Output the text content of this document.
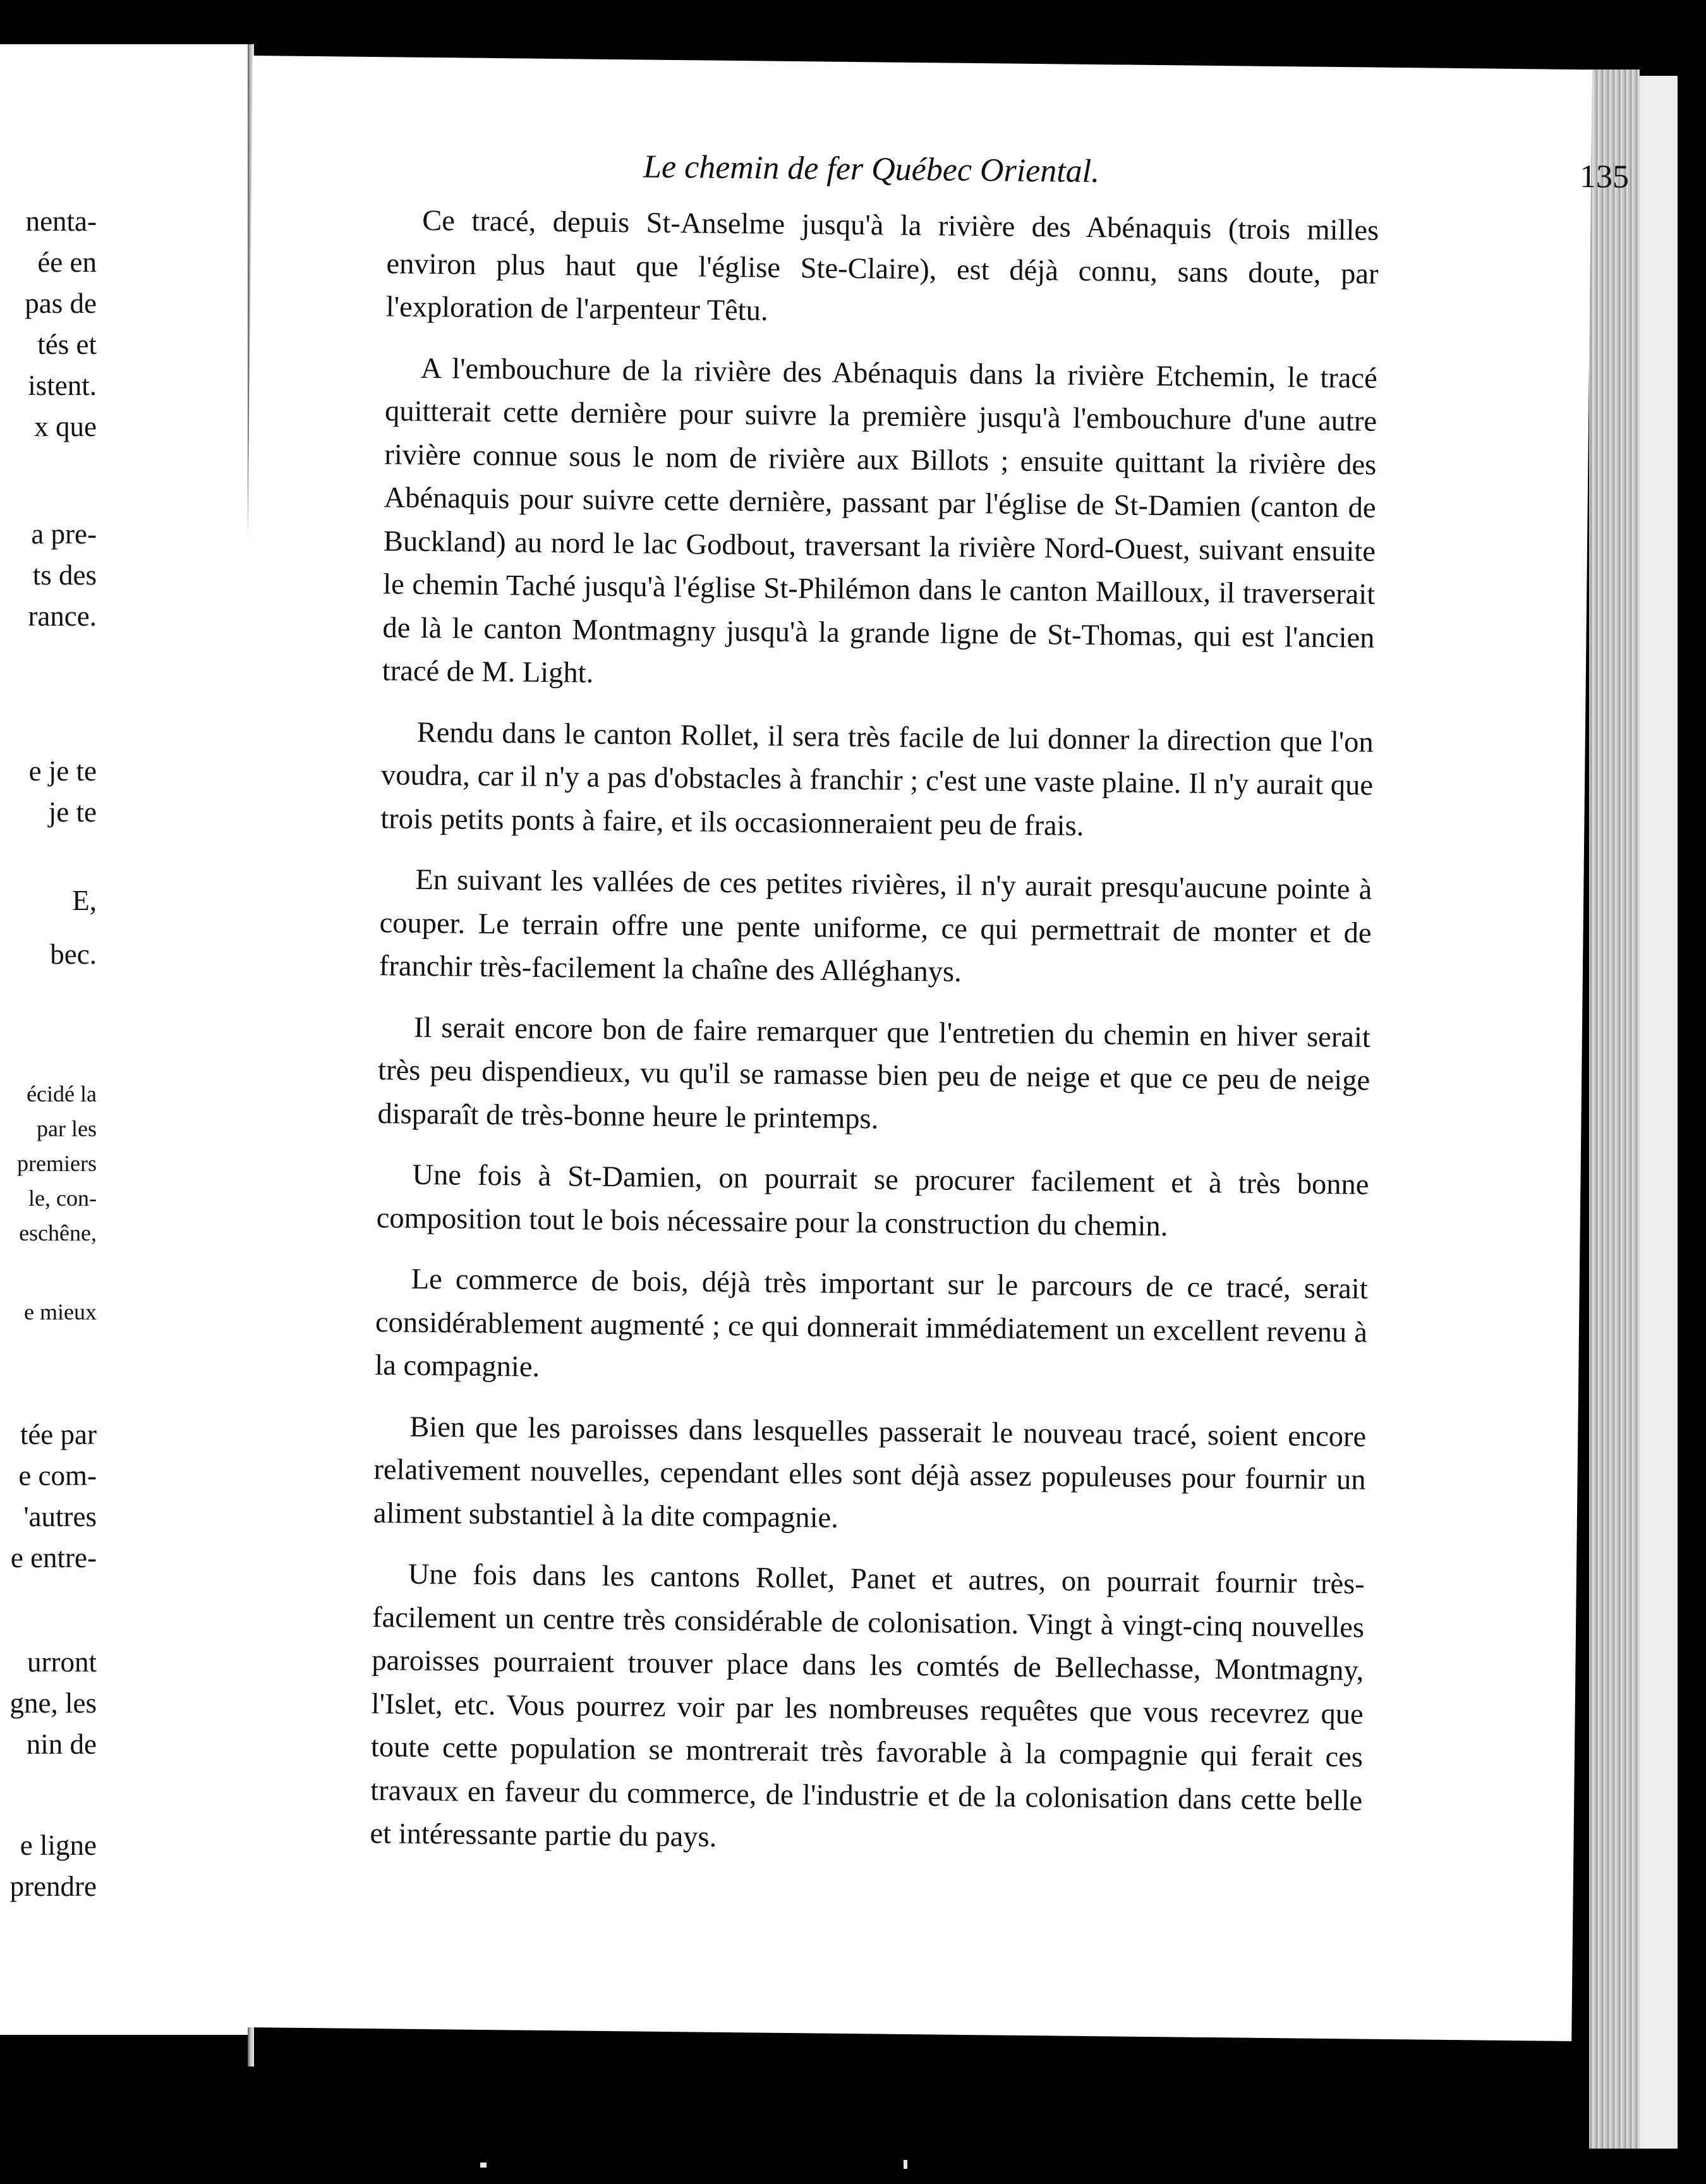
nenta-
ée en
pas de
tés et
istent.
x que
a pre-
ts des
rance.
e je te
je te
E,
bec.
écidé la
par les
premiers
le, con-
eschêne,
e mieux
tée par
e com-
'autres
e entre-
urront
gne, les
nin de
e ligne
prendre
Le chemin de fer Québec Oriental.	135

Ce tracé, depuis St-Anselme jusqu'à la rivière des Abénaquis (trois milles environ plus haut que l'église Ste-Claire), est déjà connu, sans doute, par l'exploration de l'arpenteur Têtu.

A l'embouchure de la rivière des Abénaquis dans la rivière Etchemin, le tracé quitterait cette dernière pour suivre la première jusqu'à l'embouchure d'une autre rivière connue sous le nom de rivière aux Billots ; ensuite quittant la rivière des Abénaquis pour suivre cette dernière, passant par l'église de St-Damien (canton de Buckland) au nord le lac Godbout, traversant la rivière Nord-Ouest, suivant ensuite le chemin Taché jusqu'à l'église St-Philémon dans le canton Mailloux, il traverserait de là le canton Montmagny jusqu'à la grande ligne de St-Thomas, qui est l'ancien tracé de M. Light.

Rendu dans le canton Rollet, il sera très facile de lui donner la direction que l'on voudra, car il n'y a pas d'obstacles à franchir ; c'est une vaste plaine. Il n'y aurait que trois petits ponts à faire, et ils occasionneraient peu de frais.

En suivant les vallées de ces petites rivières, il n'y aurait presqu'aucune pointe à couper. Le terrain offre une pente uniforme, ce qui permettrait de monter et de franchir très-facilement la chaîne des Alléghanys.

Il serait encore bon de faire remarquer que l'entretien du chemin en hiver serait très peu dispendieux, vu qu'il se ramasse bien peu de neige et que ce peu de neige disparaît de très-bonne heure le printemps.

Une fois à St-Damien, on pourrait se procurer facilement et à très bonne composition tout le bois nécessaire pour la construction du chemin.

Le commerce de bois, déjà très important sur le parcours de ce tracé, serait considérablement augmenté ; ce qui donnerait immédiatement un excellent revenu à la compagnie.

Bien que les paroisses dans lesquelles passerait le nouveau tracé, soient encore relativement nouvelles, cependant elles sont déjà assez populeuses pour fournir un aliment substantiel à la dite compagnie.

Une fois dans les cantons Rollet, Panet et autres, on pourrait fournir très-facilement un centre très considérable de colonisation. Vingt à vingt-cinq nouvelles paroisses pourraient trouver place dans les comtés de Bellechasse, Montmagny, l'Islet, etc. Vous pourrez voir par les nombreuses requêtes que vous recevrez que toute cette population se montrerait très favorable à la compagnie qui ferait ces travaux en faveur du commerce, de l'industrie et de la colonisation dans cette belle et intéressante partie du pays.
